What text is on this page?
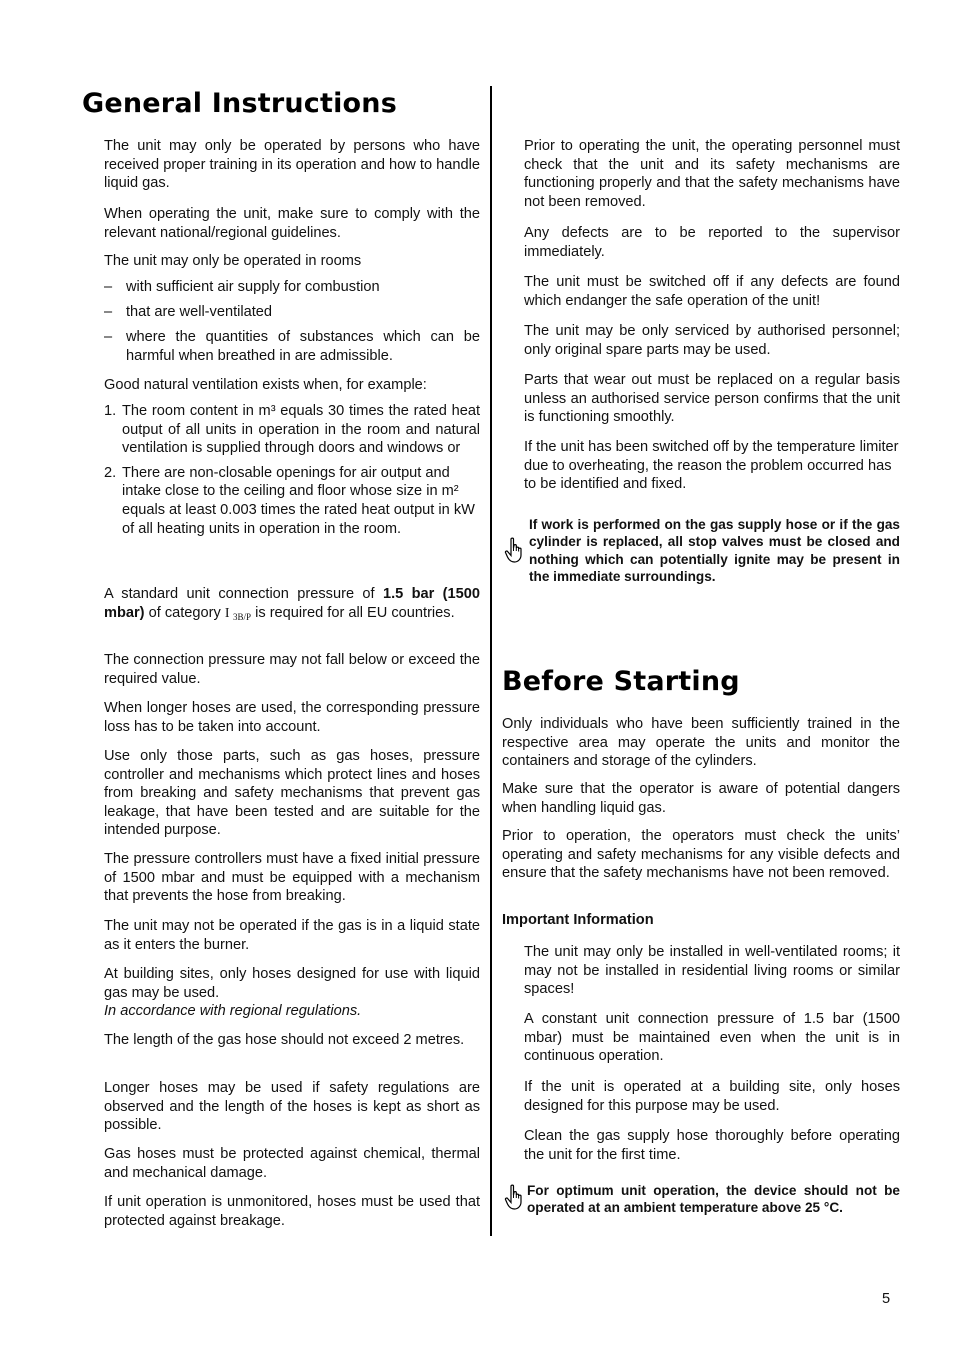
General Instructions

The unit may only be operated by persons who have received proper training in its operation and how to handle liquid gas.

When operating the unit, make sure to comply with the relevant national/regional guidelines.

The unit may only be operated in rooms

– with sufficient air supply for combustion

– that are well-ventilated

– where the quantities of substances which can be harmful when breathed in are admissible.

Good natural ventilation exists when, for example:

1. The room content in m³ equals 30 times the rated heat output of all units in operation in the room and natural ventilation is supplied through doors and windows or

2. There are non-closable openings for air output and intake close to the ceiling and floor whose size in m² equals at least 0.003 times the rated heat output in kW of all heating units in operation in the room.

A standard unit connection pressure of 1.5 bar (1500 mbar) of category I $_{3B/P}$ is required for all EU countries.

The connection pressure may not fall below or exceed the required value.

When longer hoses are used, the corresponding pressure loss has to be taken into account.

Use only those parts, such as gas hoses, pressure controller and mechanisms which protect lines and hoses from breaking and safety mechanisms that prevent gas leakage, that have been tested and are suitable for the intended purpose.

The pressure controllers must have a fixed initial pressure of 1500 mbar and must be equipped with a mechanism that prevents the hose from breaking.

The unit may not be operated if the gas is in a liquid state as it enters the burner.

At building sites, only hoses designed for use with liquid gas may be used.
In accordance with regional regulations.

The length of the gas hose should not exceed 2 metres.

Longer hoses may be used if safety regulations are observed and the length of the hoses is kept as short as possible.

Gas hoses must be protected against chemical, thermal and mechanical damage.

If unit operation is unmonitored, hoses must be used that protected against breakage.

Prior to operating the unit, the operating personnel must check that the unit and its safety mechanisms are functioning properly and that the safety mechanisms have not been removed.

Any defects are to be reported to the supervisor immediately.

The unit must be switched off if any defects are found which endanger the safe operation of the unit!

The unit may be only serviced by authorised personnel; only original spare parts may be used.

Parts that wear out must be replaced on a regular basis unless an authorised service person confirms that the unit is functioning smoothly.

If the unit has been switched off by the temperature limiter due to overheating, the reason the problem occurred has to be identified and fixed.

If work is performed on the gas supply hose or if the gas cylinder is replaced, all stop valves must be closed and nothing which can potentially ignite may be present in the immediate surroundings.

Before Starting

Only individuals who have been sufficiently trained in the respective area may operate the units and monitor the containers and storage of the cylinders.

Make sure that the operator is aware of potential dangers when handling liquid gas.

Prior to operation, the operators must check the units’ operating and safety mechanisms for any visible defects and ensure that the safety mechanisms have not been removed.

Important Information

The unit may only be installed in well-ventilated rooms; it may not be installed in residential living rooms or similar spaces!

A constant unit connection pressure of 1.5 bar (1500 mbar) must be maintained even when the unit is in continuous operation.

If the unit is operated at a building site, only hoses designed for this purpose may be used.

Clean the gas supply hose thoroughly before operating the unit for the first time.

For optimum unit operation, the device should not be operated at an ambient temperature above 25 °C.

5
